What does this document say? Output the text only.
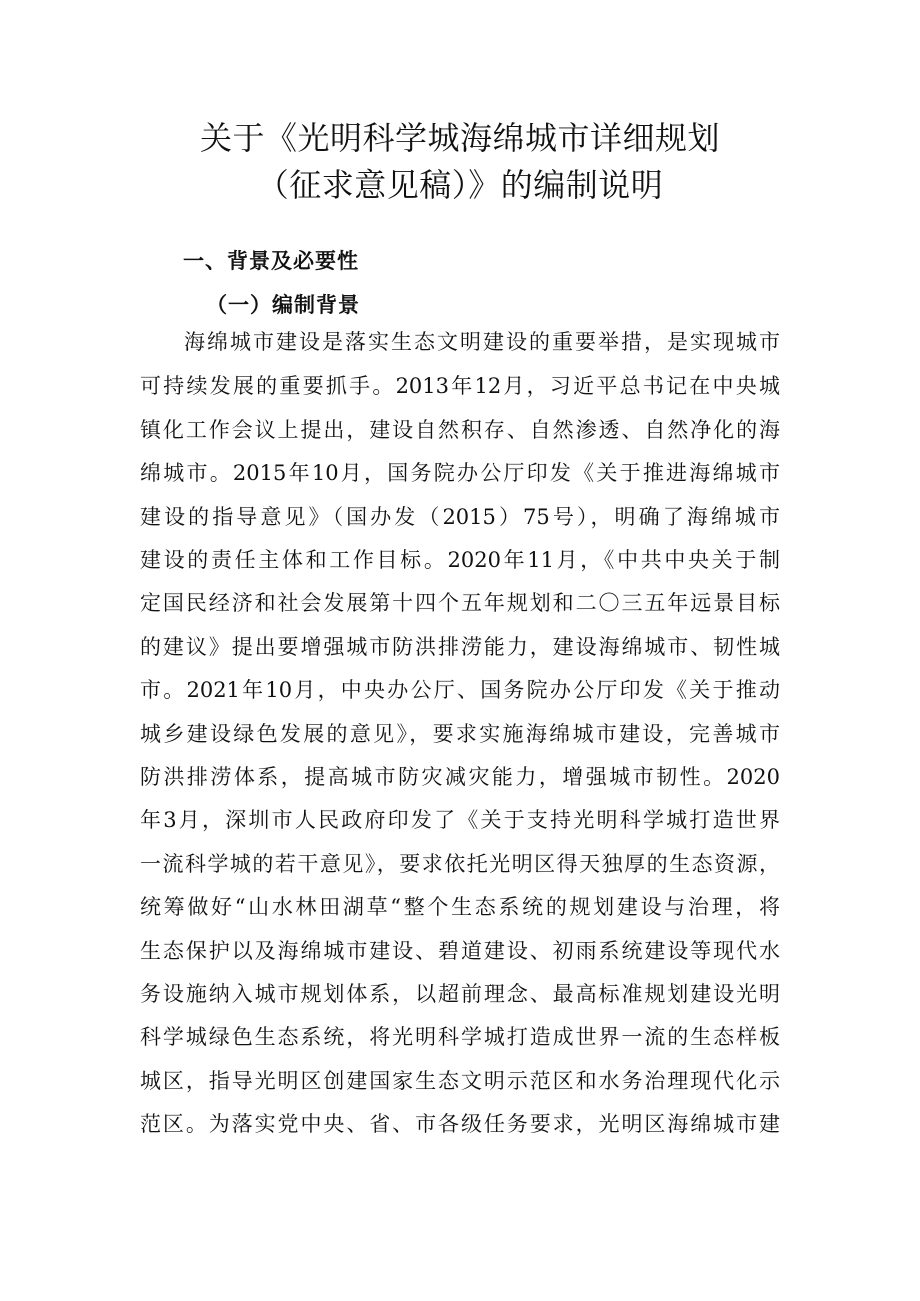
关于《光明科学城海绵城市详细规划
（征求意见稿）》的编制说明
一、背景及必要性
（一）编制背景
海绵城市建设是落实生态文明建设的重要举措，是实现城市
可持续发展的重要抓手。2013年12月，习近平总书记在中央城
镇化工作会议上提出，建设自然积存、自然渗透、自然净化的海
绵城市。2015年10月，国务院办公厅印发《关于推进海绵城市
建设的指导意见》（国办发（2015）75号），明确了海绵城市
建设的责任主体和工作目标。2020年11月，《中共中央关于制
定国民经济和社会发展第十四个五年规划和二〇三五年远景目标
的建议》提出要增强城市防洪排涝能力，建设海绵城市、韧性城
市。2021年10月，中央办公厅、国务院办公厅印发《关于推动
城乡建设绿色发展的意见》，要求实施海绵城市建设，完善城市
防洪排涝体系，提高城市防灾减灾能力，增强城市韧性。2020
年3月，深圳市人民政府印发了《关于支持光明科学城打造世界
一流科学城的若干意见》，要求依托光明区得天独厚的生态资源，
统筹做好“山水林田湖草“整个生态系统的规划建设与治理，将
生态保护以及海绵城市建设、碧道建设、初雨系统建设等现代水
务设施纳入城市规划体系，以超前理念、最高标准规划建设光明
科学城绿色生态系统，将光明科学城打造成世界一流的生态样板
城区，指导光明区创建国家生态文明示范区和水务治理现代化示
范区。为落实党中央、省、市各级任务要求，光明区海绵城市建
